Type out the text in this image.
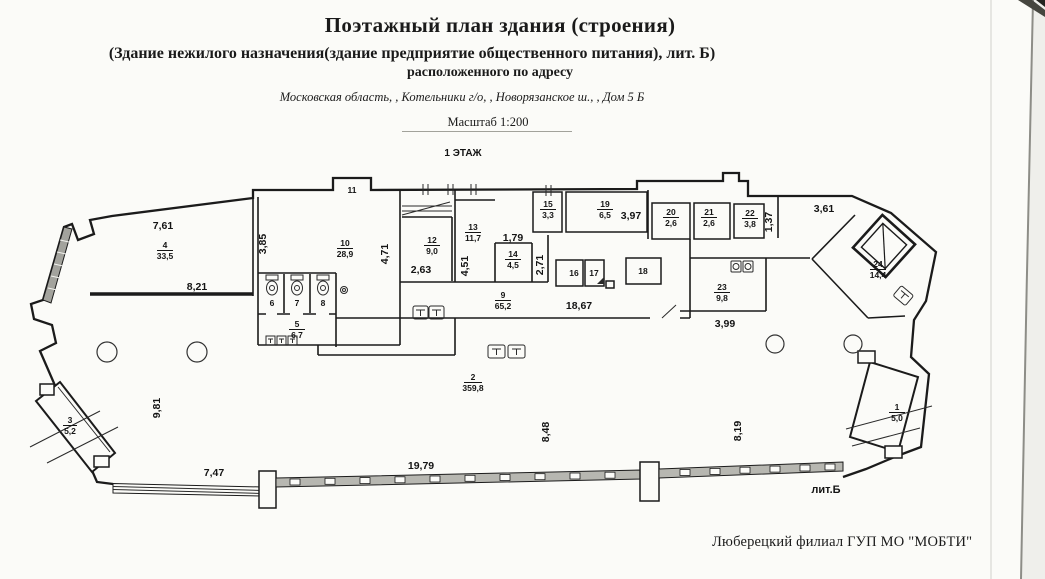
Поэтажный план здания (строения)
(Здание нежилого назначения(здание предприятие общественного питания), лит. Б)
расположенного по адресу
Московская область, , Котельники г/о, , Новорязанское ш., , Дом 5 Б
Масштаб 1:200
4
33,5
10
28,9
11
12
9,0
13
11,7
14
4,5
15
3,3
19
6,5	20
2,6
21
2,6
22
3,8
23
9,8
24
14,4
9
65,2
5
6,7
2
359,8
3
5,2
1
5,0
6 7	8
16 17	18
7,61
8,21
3,85	4,71
2,63	4,51
1,79
2,71
3,97	1,37
3,61
18,67
3,99
9,81
7,47
19,79
8,48	8,19
1 ЭТАЖ
лит.Б
Люберецкий филиал ГУП МО "МОБТИ"
